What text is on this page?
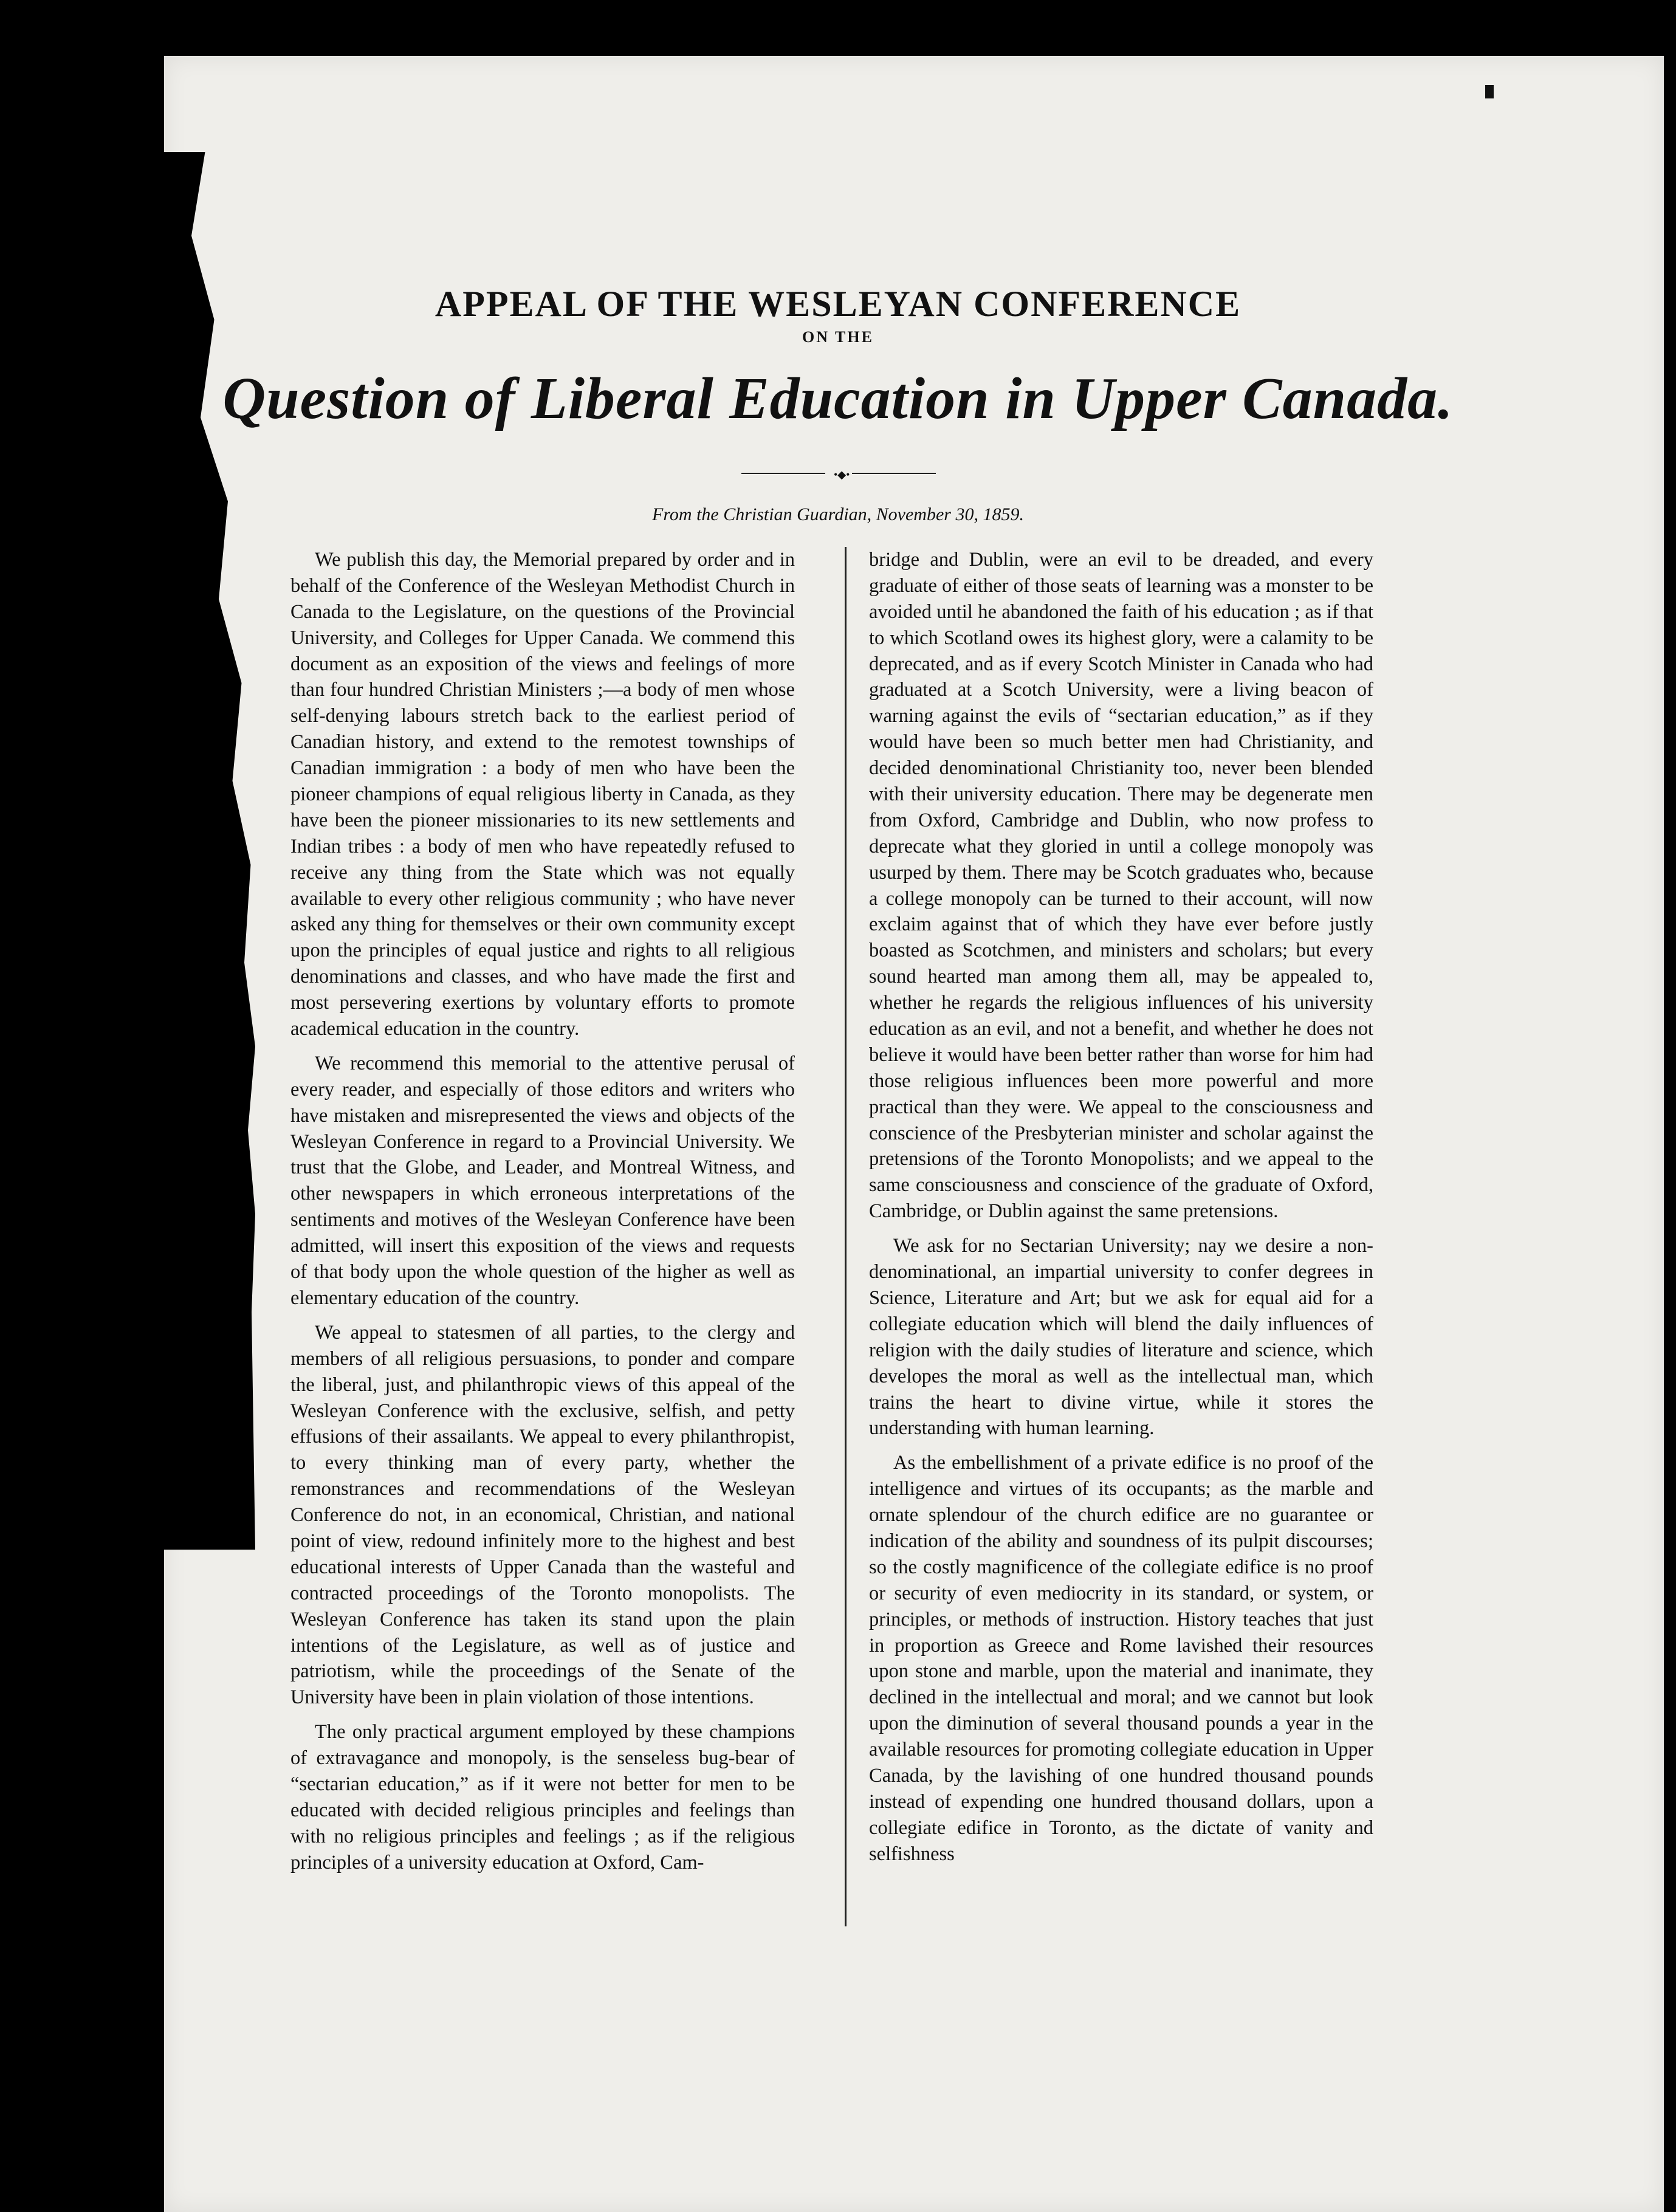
APPEAL OF THE WESLEYAN CONFERENCE
ON THE
Question of Liberal Education in Upper Canada.
•◆•
From the Christian Guardian, November 30, 1859.

We publish this day, the Memorial prepared by order and in behalf of the Conference of the Wesleyan Methodist Church in Canada to the Legislature, on the questions of the Provincial University, and Colleges for Upper Canada. We commend this document as an exposition of the views and feelings of more than four hundred Christian Ministers ;—a body of men whose self-denying labours stretch back to the earliest period of Canadian history, and extend to the remotest townships of Canadian immigration : a body of men who have been the pioneer champions of equal religious liberty in Canada, as they have been the pioneer missionaries to its new settlements and Indian tribes : a body of men who have repeatedly refused to receive any thing from the State which was not equally available to every other religious community ; who have never asked any thing for themselves or their own community except upon the principles of equal justice and rights to all religious denominations and classes, and who have made the first and most persevering exertions by voluntary efforts to promote academical education in the country.

We recommend this memorial to the attentive perusal of every reader, and especially of those editors and writers who have mistaken and misrepresented the views and objects of the Wesleyan Conference in regard to a Provincial University. We trust that the Globe, and Leader, and Montreal Witness, and other newspapers in which erroneous interpretations of the sentiments and motives of the Wesleyan Conference have been admitted, will insert this exposition of the views and requests of that body upon the whole question of the higher as well as elementary education of the country.

We appeal to statesmen of all parties, to the clergy and members of all religious persuasions, to ponder and compare the liberal, just, and philanthropic views of this appeal of the Wesleyan Conference with the exclusive, selfish, and petty effusions of their assailants. We appeal to every philanthropist, to every thinking man of every party, whether the remonstrances and recommendations of the Wesleyan Conference do not, in an economical, Christian, and national point of view, redound infinitely more to the highest and best educational interests of Upper Canada than the wasteful and contracted proceedings of the Toronto monopolists. The Wesleyan Conference has taken its stand upon the plain intentions of the Legislature, as well as of justice and patriotism, while the proceedings of the Senate of the University have been in plain violation of those intentions.

The only practical argument employed by these champions of extravagance and monopoly, is the senseless bug-bear of “sectarian education,” as if it were not better for men to be educated with decided religious principles and feelings than with no religious principles and feelings ; as if the religious principles of a university education at Oxford, Cam-

bridge and Dublin, were an evil to be dreaded, and every graduate of either of those seats of learning was a monster to be avoided until he abandoned the faith of his education ; as if that to which Scotland owes its highest glory, were a calamity to be deprecated, and as if every Scotch Minister in Canada who had graduated at a Scotch University, were a living beacon of warning against the evils of “sectarian education,” as if they would have been so much better men had Christianity, and decided denominational Christianity too, never been blended with their university education. There may be degenerate men from Oxford, Cambridge and Dublin, who now profess to deprecate what they gloried in until a college monopoly was usurped by them. There may be Scotch graduates who, because a college monopoly can be turned to their account, will now exclaim against that of which they have ever before justly boasted as Scotchmen, and ministers and scholars; but every sound hearted man among them all, may be appealed to, whether he regards the religious influences of his university education as an evil, and not a benefit, and whether he does not believe it would have been better rather than worse for him had those religious influences been more powerful and more practical than they were. We appeal to the consciousness and conscience of the Presbyterian minister and scholar against the pretensions of the Toronto Monopolists; and we appeal to the same consciousness and conscience of the graduate of Oxford, Cambridge, or Dublin against the same pretensions.

We ask for no Sectarian University; nay we desire a non-denominational, an impartial university to confer degrees in Science, Literature and Art; but we ask for equal aid for a collegiate education which will blend the daily influences of religion with the daily studies of literature and science, which developes the moral as well as the intellectual man, which trains the heart to divine virtue, while it stores the understanding with human learning.

As the embellishment of a private edifice is no proof of the intelligence and virtues of its occupants; as the marble and ornate splendour of the church edifice are no guarantee or indication of the ability and soundness of its pulpit discourses; so the costly magnificence of the collegiate edifice is no proof or security of even mediocrity in its standard, or system, or principles, or methods of instruction. History teaches that just in proportion as Greece and Rome lavished their resources upon stone and marble, upon the material and inanimate, they declined in the intellectual and moral; and we cannot but look upon the diminution of several thousand pounds a year in the available resources for promoting collegiate education in Upper Canada, by the lavishing of one hundred thousand pounds instead of expending one hundred thousand dollars, upon a collegiate edifice in Toronto, as the dictate of vanity and selfishness
